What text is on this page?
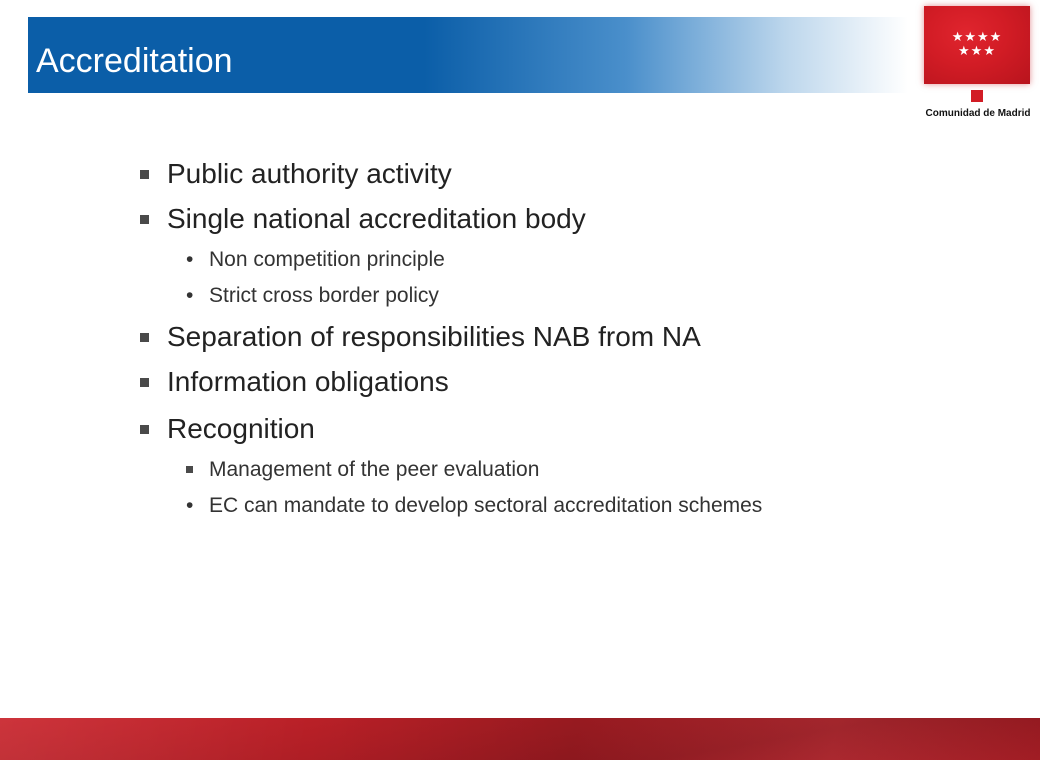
Accreditation
★★★★
★★★
Comunidad de Madrid
Public authority activity
Single national accreditation body
• Non competition principle
• Strict cross border policy
Separation of responsibilities NAB from NA
Information obligations
Recognition
Management of the peer evaluation
• EC can mandate to develop sectoral accreditation schemes
